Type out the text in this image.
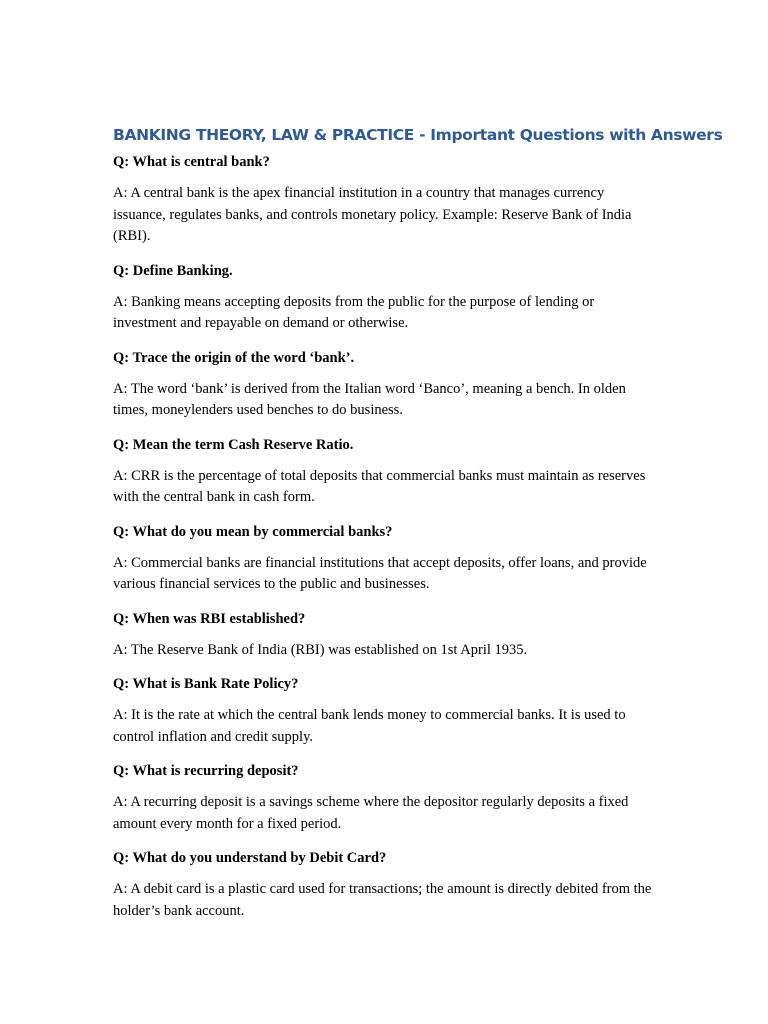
BANKING THEORY, LAW & PRACTICE - Important Questions with Answers

Q: What is central bank?

A: A central bank is the apex financial institution in a country that manages currency issuance, regulates banks, and controls monetary policy. Example: Reserve Bank of India (RBI).

Q: Define Banking.

A: Banking means accepting deposits from the public for the purpose of lending or investment and repayable on demand or otherwise.

Q: Trace the origin of the word ‘bank’.

A: The word ‘bank’ is derived from the Italian word ‘Banco’, meaning a bench. In olden times, moneylenders used benches to do business.

Q: Mean the term Cash Reserve Ratio.

A: CRR is the percentage of total deposits that commercial banks must maintain as reserves with the central bank in cash form.

Q: What do you mean by commercial banks?

A: Commercial banks are financial institutions that accept deposits, offer loans, and provide various financial services to the public and businesses.

Q: When was RBI established?

A: The Reserve Bank of India (RBI) was established on 1st April 1935.

Q: What is Bank Rate Policy?

A: It is the rate at which the central bank lends money to commercial banks. It is used to control inflation and credit supply.

Q: What is recurring deposit?

A: A recurring deposit is a savings scheme where the depositor regularly deposits a fixed amount every month for a fixed period.

Q: What do you understand by Debit Card?

A: A debit card is a plastic card used for transactions; the amount is directly debited from the holder’s bank account.
